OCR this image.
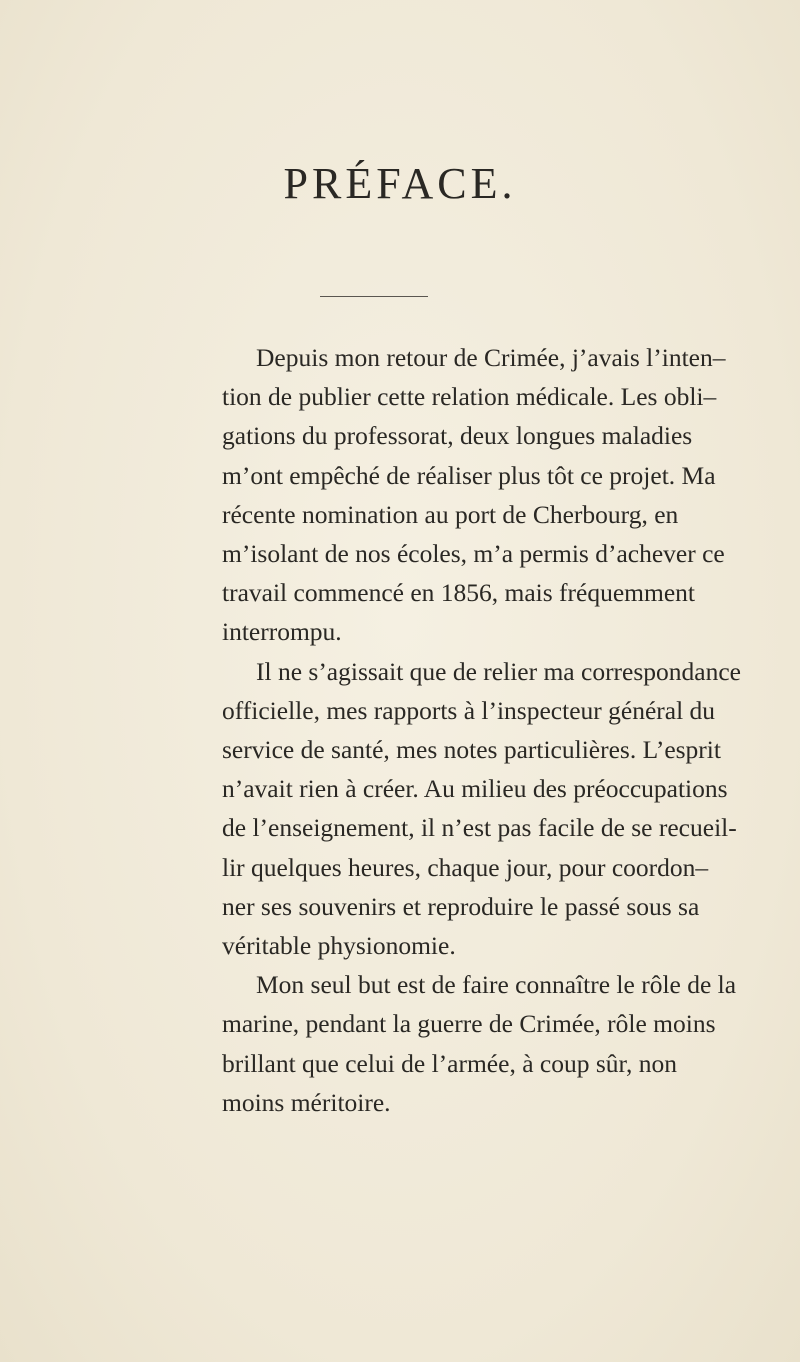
PRÉFACE.
Depuis mon retour de Crimée, j’avais l’inten–
tion de publier cette relation médicale. Les obli–
gations du professorat, deux longues maladies
m’ont empêché de réaliser plus tôt ce projet. Ma
récente nomination au port de Cherbourg, en
m’isolant de nos écoles, m’a permis d’achever ce
travail commencé en 1856, mais fréquemment
interrompu.
Il ne s’agissait que de relier ma correspondance
officielle, mes rapports à l’inspecteur général du
service de santé, mes notes particulières. L’esprit
n’avait rien à créer. Au milieu des préoccupations
de l’enseignement, il n’est pas facile de se recueil-
lir quelques heures, chaque jour, pour coordon–
ner ses souvenirs et reproduire le passé sous sa
véritable physionomie.
Mon seul but est de faire connaître le rôle de la
marine, pendant la guerre de Crimée, rôle moins
brillant que celui de l’armée, à coup sûr, non
moins méritoire.
